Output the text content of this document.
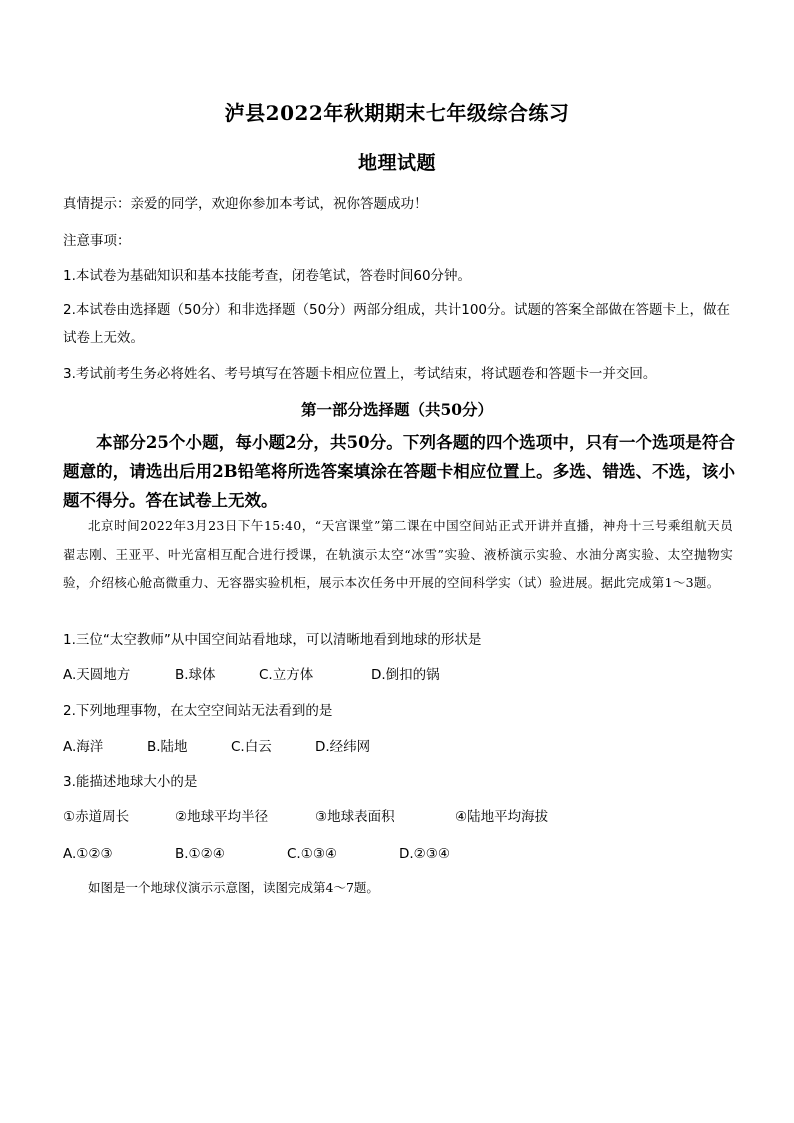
泸县2022年秋期期末七年级综合练习
地理试题
真情提示：亲爱的同学，欢迎你参加本考试，祝你答题成功！
注意事项：
1.本试卷为基础知识和基本技能考查，闭卷笔试，答卷时间60分钟。
2.本试卷由选择题（50分）和非选择题（50分）两部分组成，共计100分。试题的答案全部做在答题卡上，做在试卷上无效。
3.考试前考生务必将姓名、考号填写在答题卡相应位置上，考试结束，将试题卷和答题卡一并交回。
第一部分选择题（共50分）
本部分25个小题，每小题2分，共50分。下列各题的四个选项中，只有一个选项是符合题意的，请选出后用2B铅笔将所选答案填涂在答题卡相应位置上。多选、错选、不选，该小题不得分。答在试卷上无效。
北京时间2022年3月23日下午15:40，“天宫课堂”第二课在中国空间站正式开讲并直播，神舟十三号乘组航天员翟志刚、王亚平、叶光富相互配合进行授课，在轨演示太空“冰雪”实验、液桥演示实验、水油分离实验、太空抛物实验，介绍核心舱高微重力、无容器实验机柜，展示本次任务中开展的空间科学实（试）验进展。据此完成第1～3题。
1.三位“太空教师”从中国空间站看地球，可以清晰地看到地球的形状是
A.天圆地方	B.球体	C.立方体	D.倒扣的锅
2.下列地理事物，在太空空间站无法看到的是
A.海洋	B.陆地	C.白云	D.经纬网
3.能描述地球大小的是
①赤道周长	②地球平均半径	③地球表面积	④陆地平均海拔
A.①②③	B.①②④	C.①③④	D.②③④
如图是一个地球仪演示示意图，读图完成第4～7题。
